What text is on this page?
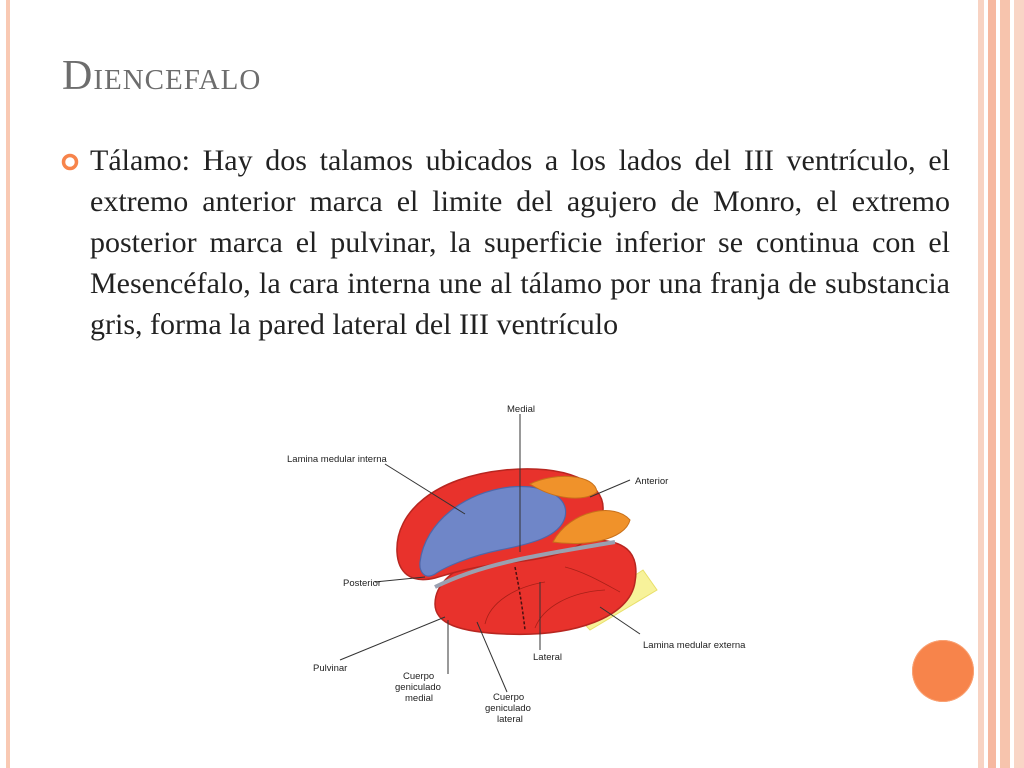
Diencefalo

Tálamo: Hay dos talamos ubicados a los lados del III ventrículo, el extremo anterior marca el limite del agujero de Monro, el extremo posterior marca el pulvinar, la superficie inferior se continua con el Mesencéfalo, la cara interna une al tálamo por una franja de substancia gris, forma la pared lateral del III ventrículo

Medial
Lamina medular interna
Anterior
Posterior
Lamina medular externa
Pulvinar
Lateral
Cuerpo
geniculado
medial	Cuerpo
geniculado
lateral
